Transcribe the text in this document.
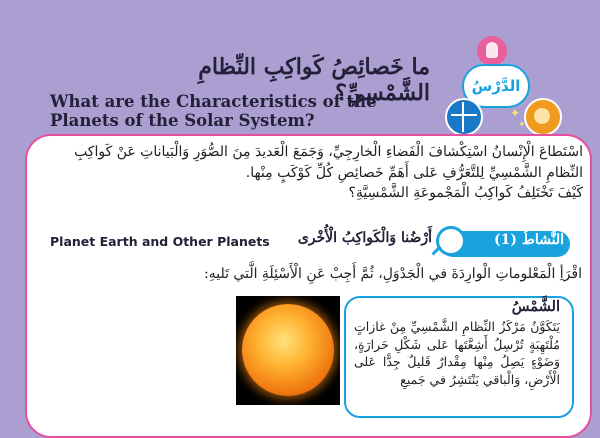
الدَّرْسُ
✦
✦
ما خَصائِصُ كَواكِبِ النِّظامِ الشَّمْسِيِّ؟
What are the Characteristics of the Planets of the Solar System?
اسْتَطاعَ الْإِنْسانُ اسْتِكْشافَ الْفَضاءِ الْخارِجِيِّ، وَجَمَعَ الْعَديدَ مِنَ الصُّوَرِ وَالْبَياناتِ عَنْ كَواكِبِ النِّظامِ الشَّمْسِيِّ لِلتَّعَرُّفِ عَلى أَهَمِّ خَصائِصِ كُلِّ كَوْكَبٍ مِنْها.
كَيْفَ تَخْتَلِفُ كَواكِبُ الْمَجْموعَةِ الشَّمْسِيَّةِ؟
Planet Earth and Other Planets	أَرْضُنا وَالْكَواكِبُ الْأُخْرى	النَّشاطُ (1)
اقْرَأِ الْمَعْلوماتِ الْوارِدَةَ في الْجَدْوَلِ، ثُمَّ أَجِبْ عَنِ الْأَسْئِلَةِ الَّتي تَليهِ:
الشَّمْسُ
يَتَكَوَّنُ مَرْكَزُ النِّظامِ الشَّمْسِيِّ مِنْ غازاتٍ مُلْتَهِبَةٍ تُرْسِلُ أَشِعَّتَها عَلى شَكْلِ حَرارَةٍ، وَضَوْءٍ يَصِلُ مِنْها مِقْدارٌ قَليلٌ جِدًّا عَلى الْأَرْضِ، وَالْباقي يَنْتَشِرُ في جَميعِ
